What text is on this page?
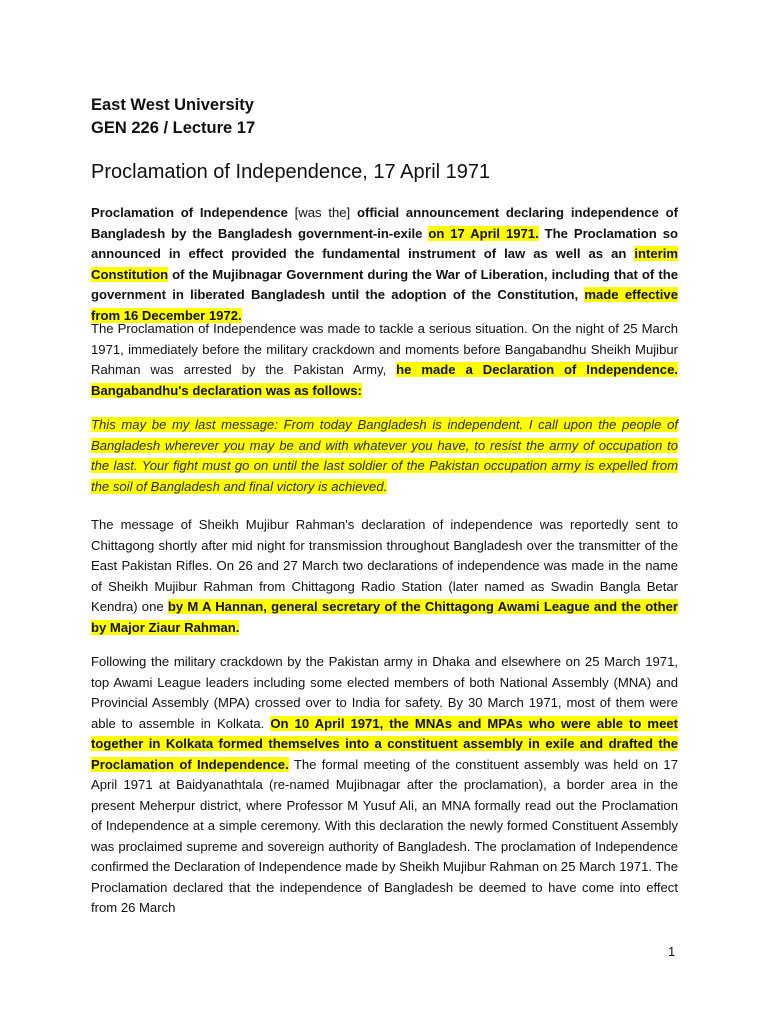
East West University
GEN 226 / Lecture 17
Proclamation of Independence, 17 April 1971

Proclamation of Independence [was the] official announcement declaring independence of Bangladesh by the Bangladesh government-in-exile on 17 April 1971. The Proclamation so announced in effect provided the fundamental instrument of law as well as an interim Constitution of the Mujibnagar Government during the War of Liberation, including that of the government in liberated Bangladesh until the adoption of the Constitution, made effective from 16 December 1972.

The Proclamation of Independence was made to tackle a serious situation. On the night of 25 March 1971, immediately before the military crackdown and moments before Bangabandhu Sheikh Mujibur Rahman was arrested by the Pakistan Army, he made a Declaration of Independence. Bangabandhu's declaration was as follows:

This may be my last message: From today Bangladesh is independent. I call upon the people of Bangladesh wherever you may be and with whatever you have, to resist the army of occupation to the last. Your fight must go on until the last soldier of the Pakistan occupation army is expelled from the soil of Bangladesh and final victory is achieved.

The message of Sheikh Mujibur Rahman's declaration of independence was reportedly sent to Chittagong shortly after mid night for transmission throughout Bangladesh over the transmitter of the East Pakistan Rifles. On 26 and 27 March two declarations of independence was made in the name of Sheikh Mujibur Rahman from Chittagong Radio Station (later named as Swadin Bangla Betar Kendra) one by M A Hannan, general secretary of the Chittagong Awami League and the other by Major Ziaur Rahman.

Following the military crackdown by the Pakistan army in Dhaka and elsewhere on 25 March 1971, top Awami League leaders including some elected members of both National Assembly (MNA) and Provincial Assembly (MPA) crossed over to India for safety. By 30 March 1971, most of them were able to assemble in Kolkata. On 10 April 1971, the MNAs and MPAs who were able to meet together in Kolkata formed themselves into a constituent assembly in exile and drafted the Proclamation of Independence. The formal meeting of the constituent assembly was held on 17 April 1971 at Baidyanathtala (re-named Mujibnagar after the proclamation), a border area in the present Meherpur district, where Professor M Yusuf Ali, an MNA formally read out the Proclamation of Independence at a simple ceremony. With this declaration the newly formed Constituent Assembly was proclaimed supreme and sovereign authority of Bangladesh. The proclamation of Independence confirmed the Declaration of Independence made by Sheikh Mujibur Rahman on 25 March 1971. The Proclamation declared that the independence of Bangladesh be deemed to have come into effect from 26 March

1
